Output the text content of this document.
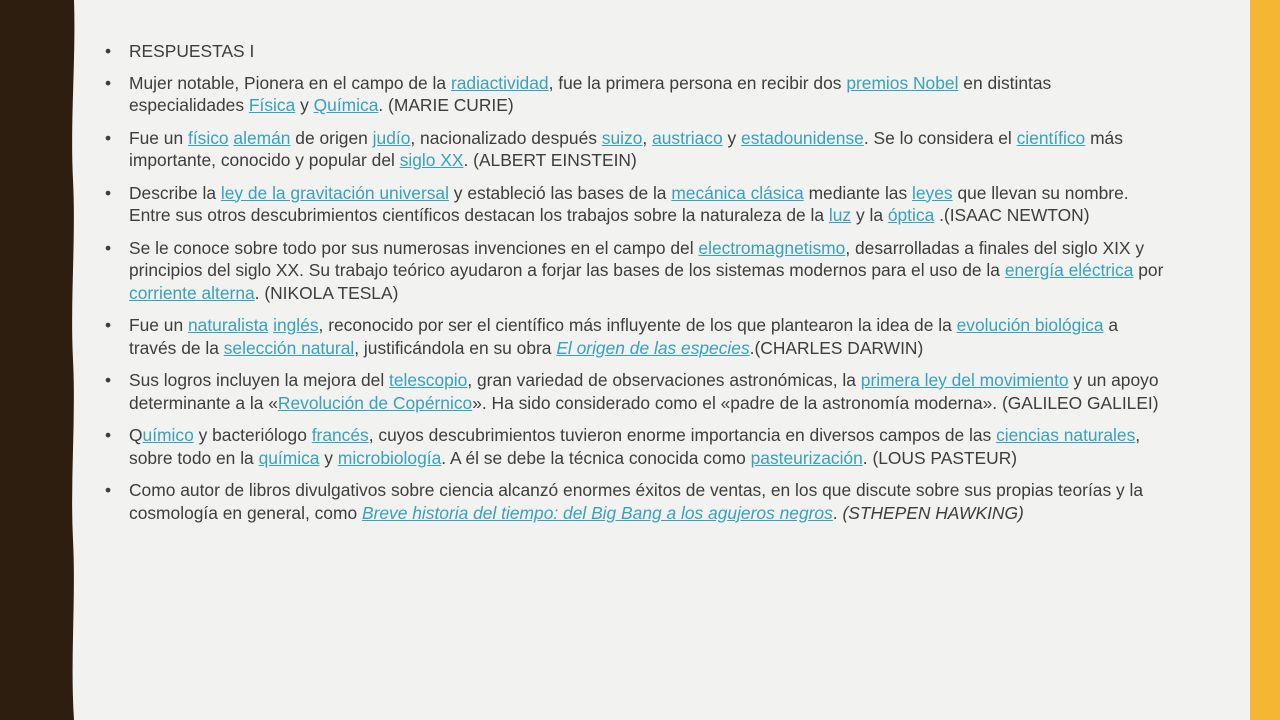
• RESPUESTAS I
• Mujer notable, Pionera en el campo de la radiactividad, fue la primera persona en recibir dos premios Nobel en distintas especialidades Física y Química. (MARIE CURIE)
• Fue un físico alemán de origen judío, nacionalizado después suizo, austriaco y estadounidense. Se lo considera el científico más importante, conocido y popular del siglo XX. (ALBERT EINSTEIN)
• Describe la ley de la gravitación universal y estableció las bases de la mecánica clásica mediante las leyes que llevan su nombre. Entre sus otros descubrimientos científicos destacan los trabajos sobre la naturaleza de la luz y la óptica .(ISAAC NEWTON)
• Se le conoce sobre todo por sus numerosas invenciones en el campo del electromagnetismo, desarrolladas a finales del siglo XIX y principios del siglo XX. Su trabajo teórico ayudaron a forjar las bases de los sistemas modernos para el uso de la energía eléctrica por corriente alterna. (NIKOLA TESLA)
• Fue un naturalista inglés, reconocido por ser el científico más influyente de los que plantearon la idea de la evolución biológica a través de la selección natural, justificándola en su obra El origen de las especies.(CHARLES DARWIN)
• Sus logros incluyen la mejora del telescopio, gran variedad de observaciones astronómicas, la primera ley del movimiento y un apoyo determinante a la «Revolución de Copérnico». Ha sido considerado como el «padre de la astronomía moderna». (GALILEO GALILEI)
• Químico y bacteriólogo francés, cuyos descubrimientos tuvieron enorme importancia en diversos campos de las ciencias naturales, sobre todo en la química y microbiología. A él se debe la técnica conocida como pasteurización. (LOUS PASTEUR)
• Como autor de libros divulgativos sobre ciencia alcanzó enormes éxitos de ventas, en los que discute sobre sus propias teorías y la cosmología en general, como Breve historia del tiempo: del Big Bang a los agujeros negros. (STHEPEN HAWKING)
